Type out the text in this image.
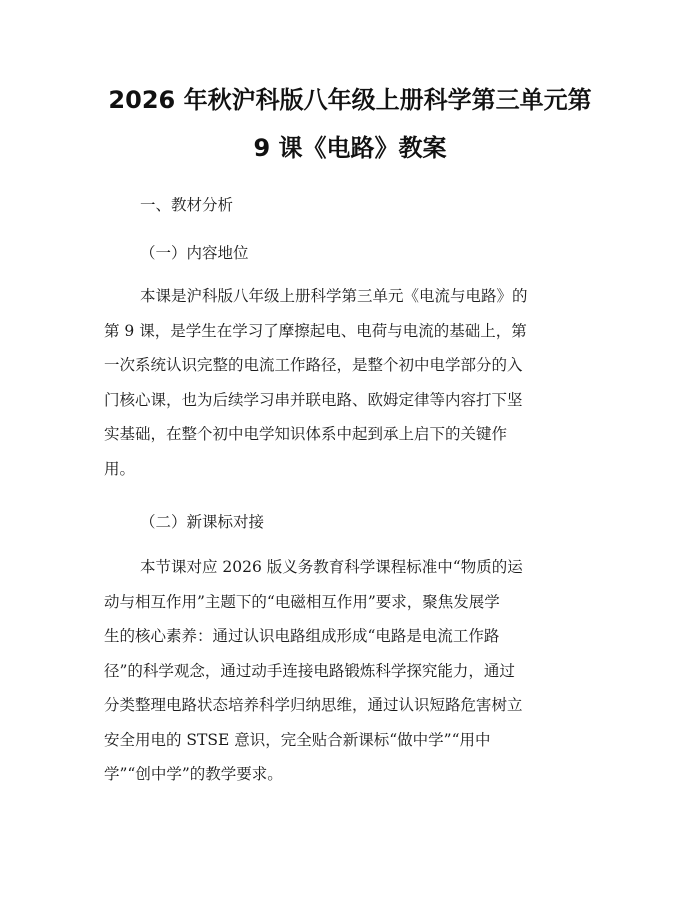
2026 年秋沪科版八年级上册科学第三单元第
9 课《电路》教案
一、教材分析
（一）内容地位
本课是沪科版八年级上册科学第三单元《电流与电路》的
第 9 课，是学生在学习了摩擦起电、电荷与电流的基础上，第
一次系统认识完整的电流工作路径，是整个初中电学部分的入
门核心课，也为后续学习串并联电路、欧姆定律等内容打下坚
实基础，在整个初中电学知识体系中起到承上启下的关键作
用。
（二）新课标对接
本节课对应 2026 版义务教育科学课程标准中“物质的运
动与相互作用”主题下的“电磁相互作用”要求，聚焦发展学
生的核心素养：通过认识电路组成形成“电路是电流工作路
径”的科学观念，通过动手连接电路锻炼科学探究能力，通过
分类整理电路状态培养科学归纳思维，通过认识短路危害树立
安全用电的 STSE 意识，完全贴合新课标“做中学”“用中
学”“创中学”的教学要求。
